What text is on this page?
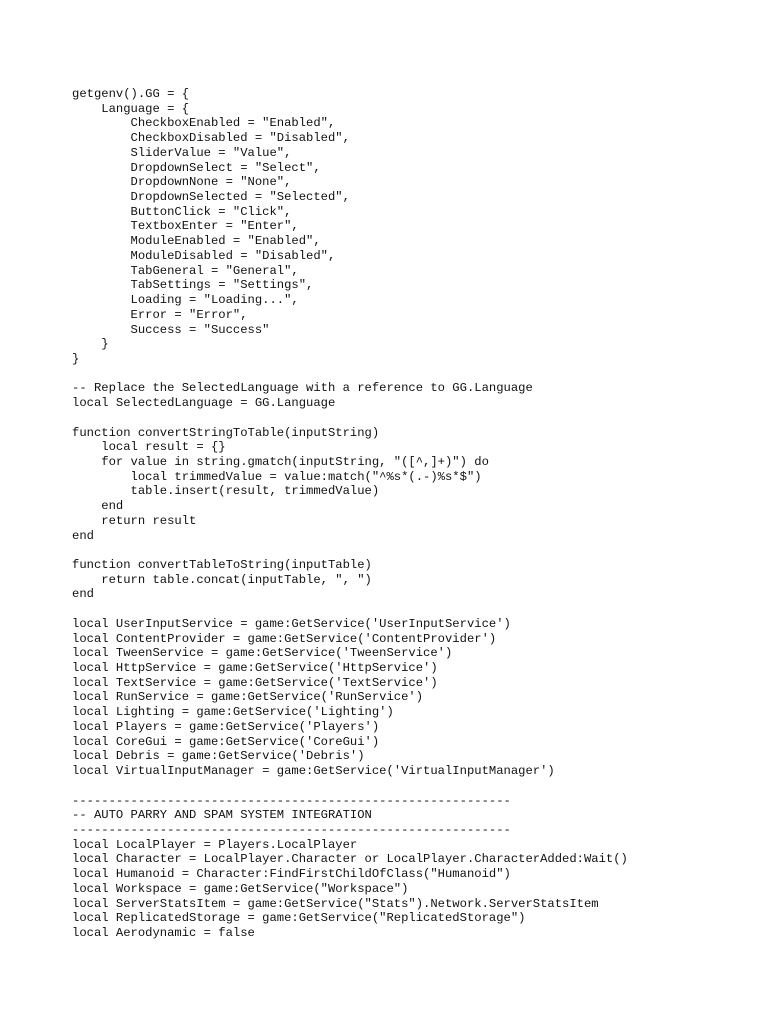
getgenv().GG = {
Language = {
CheckboxEnabled = "Enabled",
CheckboxDisabled = "Disabled",
SliderValue = "Value",
DropdownSelect = "Select",
DropdownNone = "None",
DropdownSelected = "Selected",
ButtonClick = "Click",
TextboxEnter = "Enter",
ModuleEnabled = "Enabled",
ModuleDisabled = "Disabled",
TabGeneral = "General",
TabSettings = "Settings",
Loading = "Loading...",
Error = "Error",
Success = "Success"
}
}
-- Replace the SelectedLanguage with a reference to GG.Language
local SelectedLanguage = GG.Language
function convertStringToTable(inputString)
local result = {}
for value in string.gmatch(inputString, "([^,]+)") do
local trimmedValue = value:match("^%s*(.-)%s*$")
table.insert(result, trimmedValue)
end
return result
end
function convertTableToString(inputTable)
return table.concat(inputTable, ", ")
end
local UserInputService = game:GetService('UserInputService')
local ContentProvider = game:GetService('ContentProvider')
local TweenService = game:GetService('TweenService')
local HttpService = game:GetService('HttpService')
local TextService = game:GetService('TextService')
local RunService = game:GetService('RunService')
local Lighting = game:GetService('Lighting')
local Players = game:GetService('Players')
local CoreGui = game:GetService('CoreGui')
local Debris = game:GetService('Debris')
local VirtualInputManager = game:GetService('VirtualInputManager')
------------------------------------------------------------
-- AUTO PARRY AND SPAM SYSTEM INTEGRATION
------------------------------------------------------------
local LocalPlayer = Players.LocalPlayer
local Character = LocalPlayer.Character or LocalPlayer.CharacterAdded:Wait()
local Humanoid = Character:FindFirstChildOfClass("Humanoid")
local Workspace = game:GetService("Workspace")
local ServerStatsItem = game:GetService("Stats").Network.ServerStatsItem
local ReplicatedStorage = game:GetService("ReplicatedStorage")
local Aerodynamic = false
